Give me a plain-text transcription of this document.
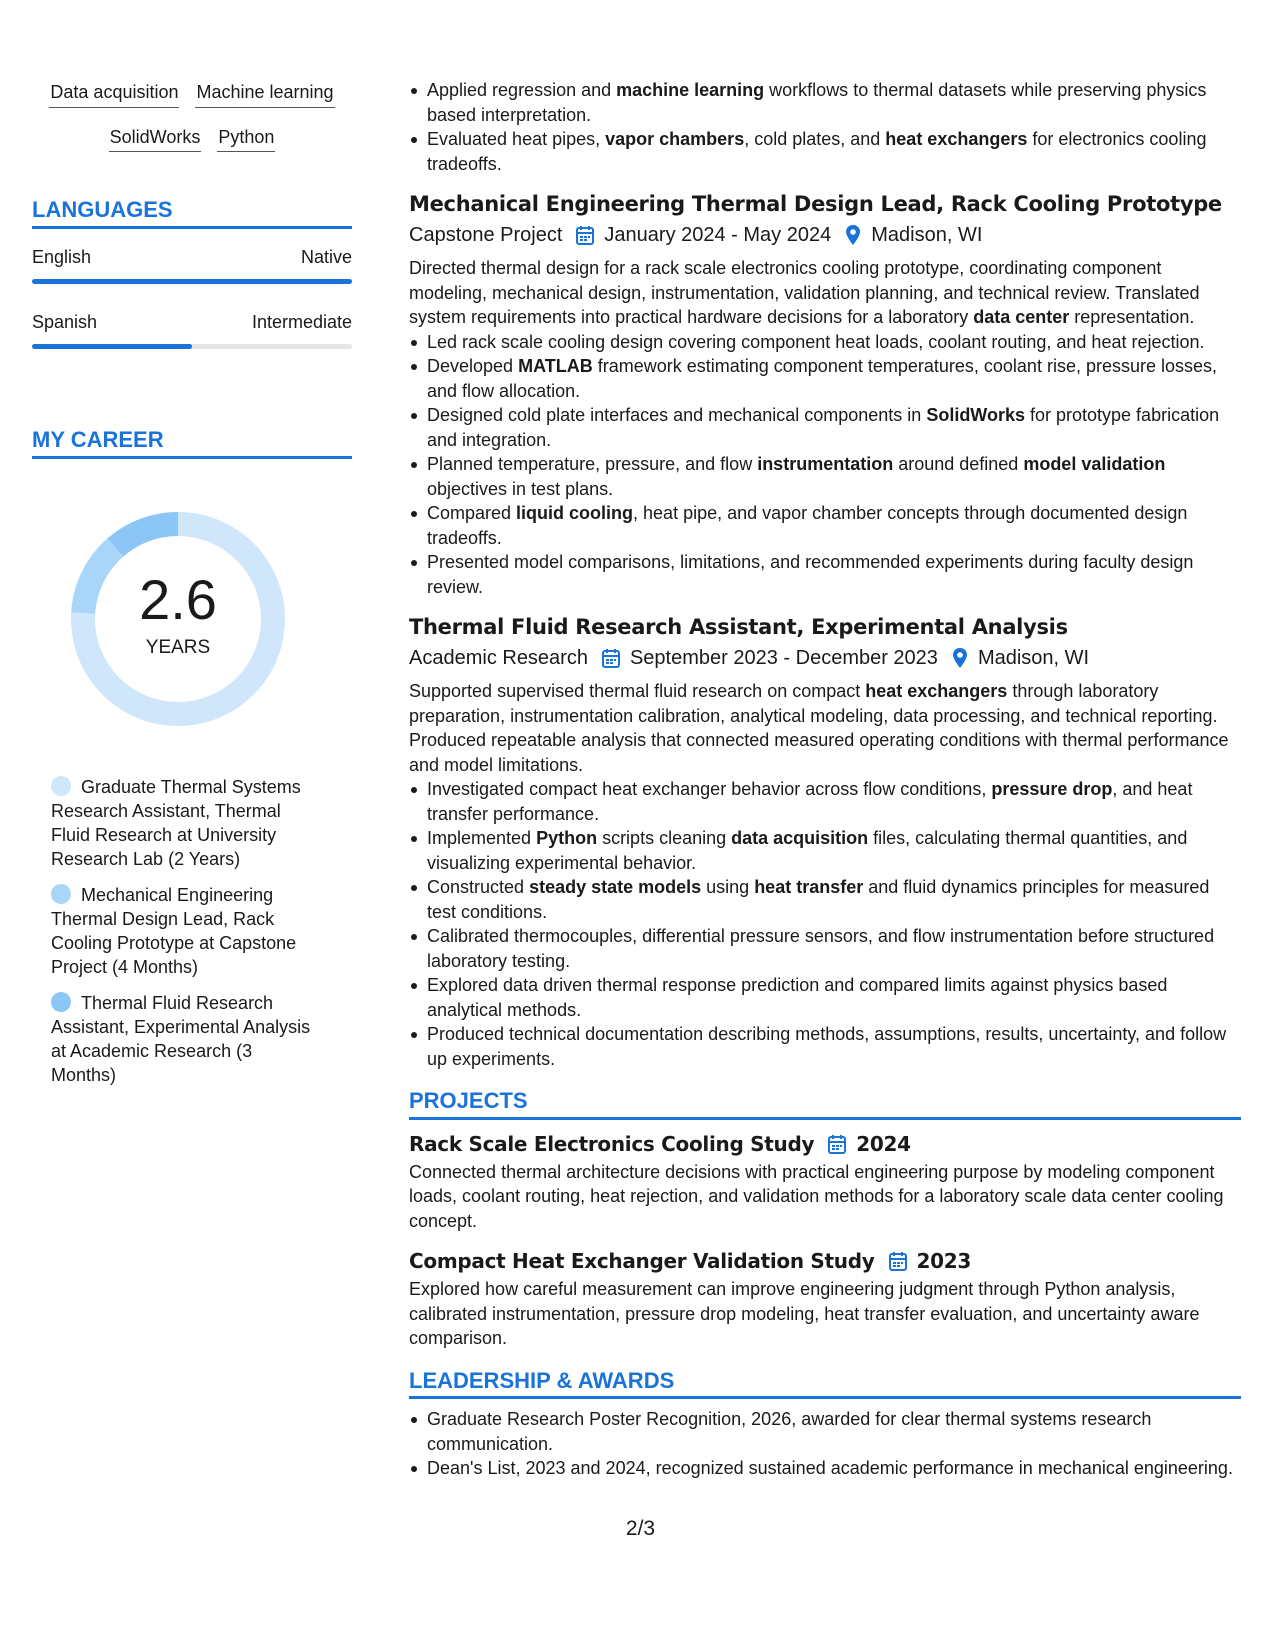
Data acquisition Machine learning
SolidWorks Python
LANGUAGES
English	Native
Spanish	Intermediate
MY CAREER
2.6
YEARS
Graduate Thermal Systems Research Assistant, Thermal Fluid Research at University Research Lab (2 Years)
Mechanical Engineering Thermal Design Lead, Rack Cooling Prototype at Capstone Project (4 Months)
Thermal Fluid Research Assistant, Experimental Analysis at Academic Research (3 Months)
Applied regression and machine learning workflows to thermal datasets while preserving physics based interpretation.
Evaluated heat pipes, vapor chambers, cold plates, and heat exchangers for electronics cooling tradeoffs.
Mechanical Engineering Thermal Design Lead, Rack Cooling Prototype
Capstone Project January 2024 - May 2024 Madison, WI
Directed thermal design for a rack scale electronics cooling prototype, coordinating component modeling, mechanical design, instrumentation, validation planning, and technical review. Translated system requirements into practical hardware decisions for a laboratory data center representation.
Led rack scale cooling design covering component heat loads, coolant routing, and heat rejection.
Developed MATLAB framework estimating component temperatures, coolant rise, pressure losses, and flow allocation.
Designed cold plate interfaces and mechanical components in SolidWorks for prototype fabrication and integration.
Planned temperature, pressure, and flow instrumentation around defined model validation objectives in test plans.
Compared liquid cooling, heat pipe, and vapor chamber concepts through documented design tradeoffs.
Presented model comparisons, limitations, and recommended experiments during faculty design review.
Thermal Fluid Research Assistant, Experimental Analysis
Academic Research September 2023 - December 2023 Madison, WI
Supported supervised thermal fluid research on compact heat exchangers through laboratory preparation, instrumentation calibration, analytical modeling, data processing, and technical reporting. Produced repeatable analysis that connected measured operating conditions with thermal performance and model limitations.
Investigated compact heat exchanger behavior across flow conditions, pressure drop, and heat transfer performance.
Implemented Python scripts cleaning data acquisition files, calculating thermal quantities, and visualizing experimental behavior.
Constructed steady state models using heat transfer and fluid dynamics principles for measured test conditions.
Calibrated thermocouples, differential pressure sensors, and flow instrumentation before structured laboratory testing.
Explored data driven thermal response prediction and compared limits against physics based analytical methods.
Produced technical documentation describing methods, assumptions, results, uncertainty, and follow up experiments.
PROJECTS
Rack Scale Electronics Cooling Study 2024
Connected thermal architecture decisions with practical engineering purpose by modeling component loads, coolant routing, heat rejection, and validation methods for a laboratory scale data center cooling concept.
Compact Heat Exchanger Validation Study 2023
Explored how careful measurement can improve engineering judgment through Python analysis, calibrated instrumentation, pressure drop modeling, heat transfer evaluation, and uncertainty aware comparison.
LEADERSHIP & AWARDS
Graduate Research Poster Recognition, 2026, awarded for clear thermal systems research communication.
Dean's List, 2023 and 2024, recognized sustained academic performance in mechanical engineering.
2/3
